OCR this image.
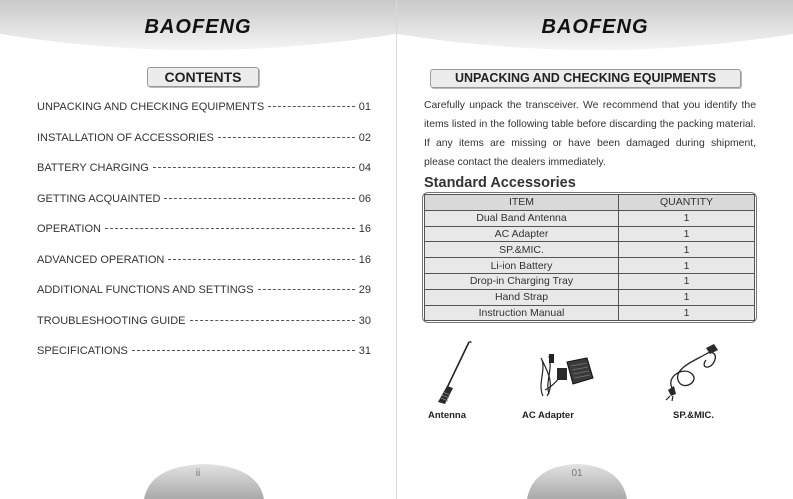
BAOFENG
CONTENTS
UNPACKING AND CHECKING EQUIPMENTS	01
INSTALLATION OF ACCESSORIES	02
BATTERY CHARGING	04
GETTING ACQUAINTED	06
OPERATION	16
ADVANCED OPERATION	16
ADDITIONAL FUNCTIONS AND SETTINGS	29
TROUBLESHOOTING GUIDE	30
SPECIFICATIONS	31
ii
BAOFENG
UNPACKING AND CHECKING EQUIPMENTS
Carefully unpack the transceiver. We recommend that you identify the items listed in the following table before discarding the packing material. If any items are missing or have been damaged during shipment, please contact the dealers immediately.
Standard Accessories
ITEM	QUANTITY
Dual Band Antenna	1
AC Adapter	1
SP.&MIC.	1
Li-ion Battery	1
Drop-in Charging Tray	1
Hand Strap	1
Instruction Manual	1
Antenna	AC Adapter	SP.&MIC.
01
